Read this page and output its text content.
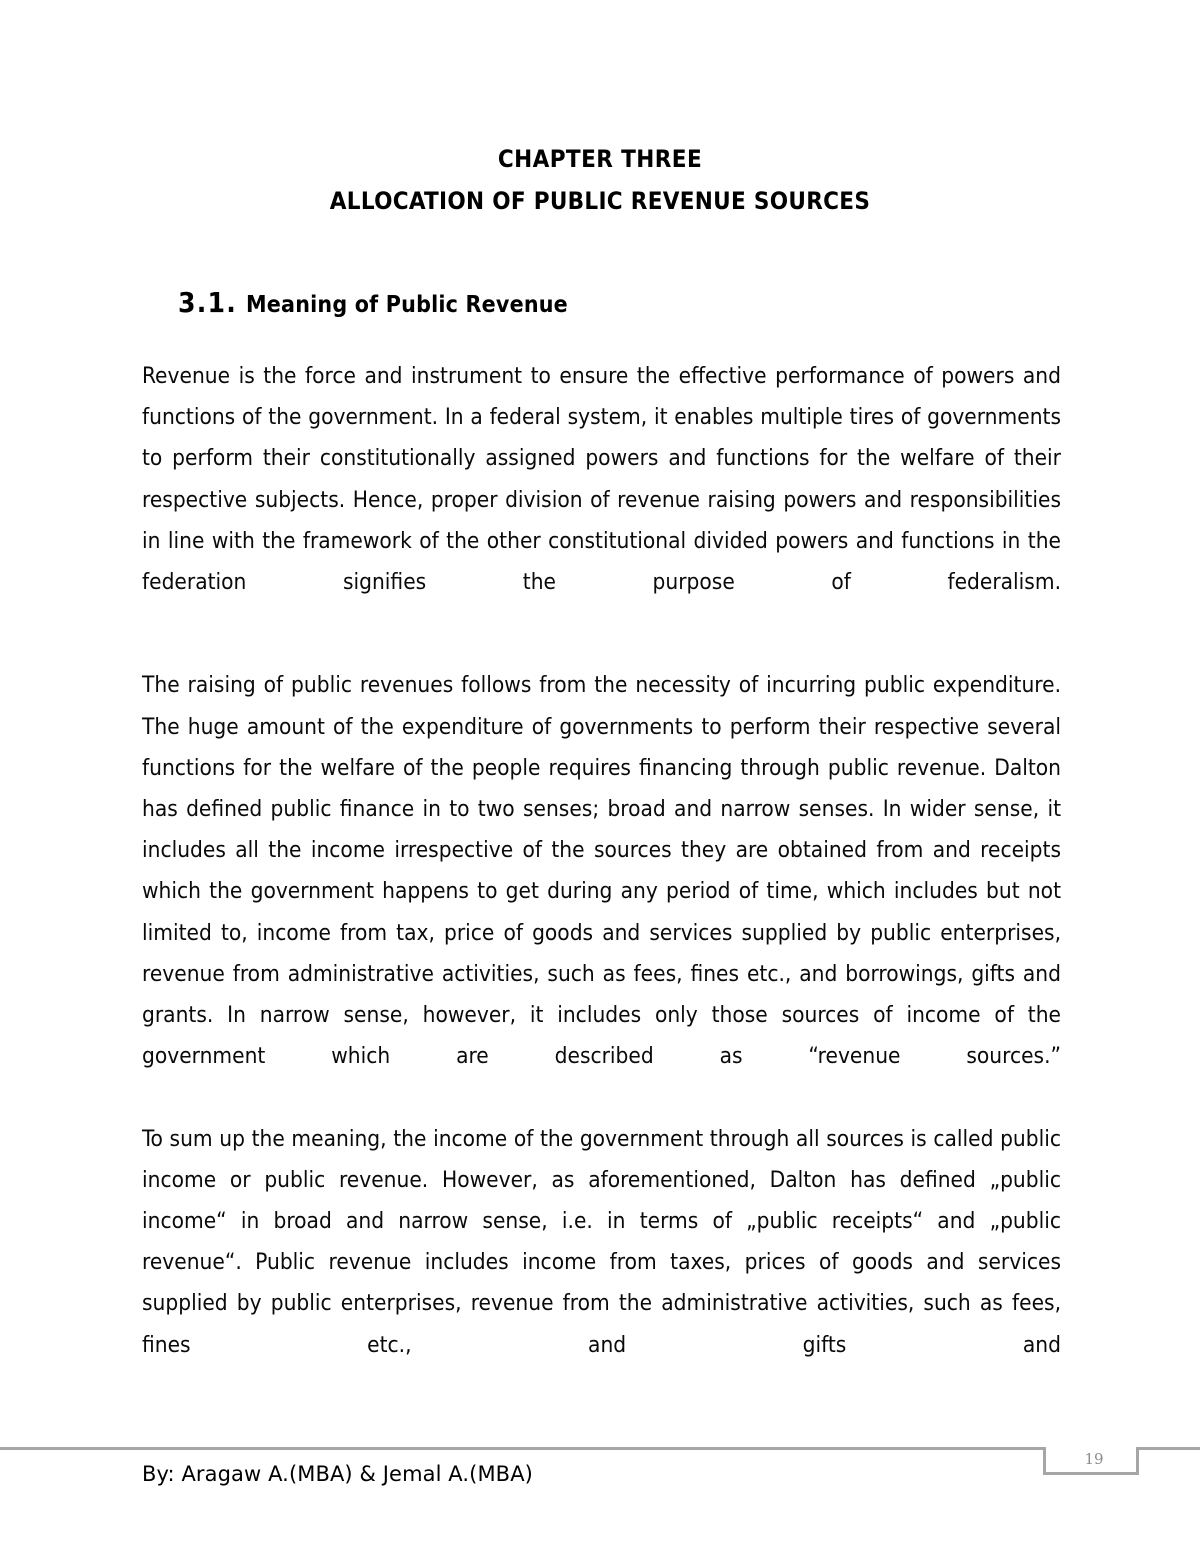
CHAPTER THREE
ALLOCATION OF PUBLIC REVENUE SOURCES
3.1. Meaning of Public Revenue

Revenue is the force and instrument to ensure the effective performance of powers and functions of the government. In a federal system, it enables multiple tires of governments to perform their constitutionally assigned powers and functions for the welfare of their respective subjects. Hence, proper division of revenue raising powers and responsibilities in line with the framework of the other constitutional divided powers and functions in the federation signifies the purpose of federalism.

The raising of public revenues follows from the necessity of incurring public expenditure. The huge amount of the expenditure of governments to perform their respective several functions for the welfare of the people requires financing through public revenue. Dalton has defined public finance in to two senses; broad and narrow senses. In wider sense, it includes all the income irrespective of the sources they are obtained from and receipts which the government happens to get during any period of time, which includes but not limited to, income from tax, price of goods and services supplied by public enterprises, revenue from administrative activities, such as fees, fines etc., and borrowings, gifts and grants. In narrow sense, however, it includes only those sources of income of the government which are described as “revenue sources.”

To sum up the meaning, the income of the government through all sources is called public income or public revenue. However, as aforementioned, Dalton has defined „public income“ in broad and narrow sense, i.e. in terms of „public receipts“ and „public revenue“. Public revenue includes income from taxes, prices of goods and services supplied by public enterprises, revenue from the administrative activities, such as fees, fines etc., and gifts and

19
By: Aragaw A.(MBA) & Jemal A.(MBA)
